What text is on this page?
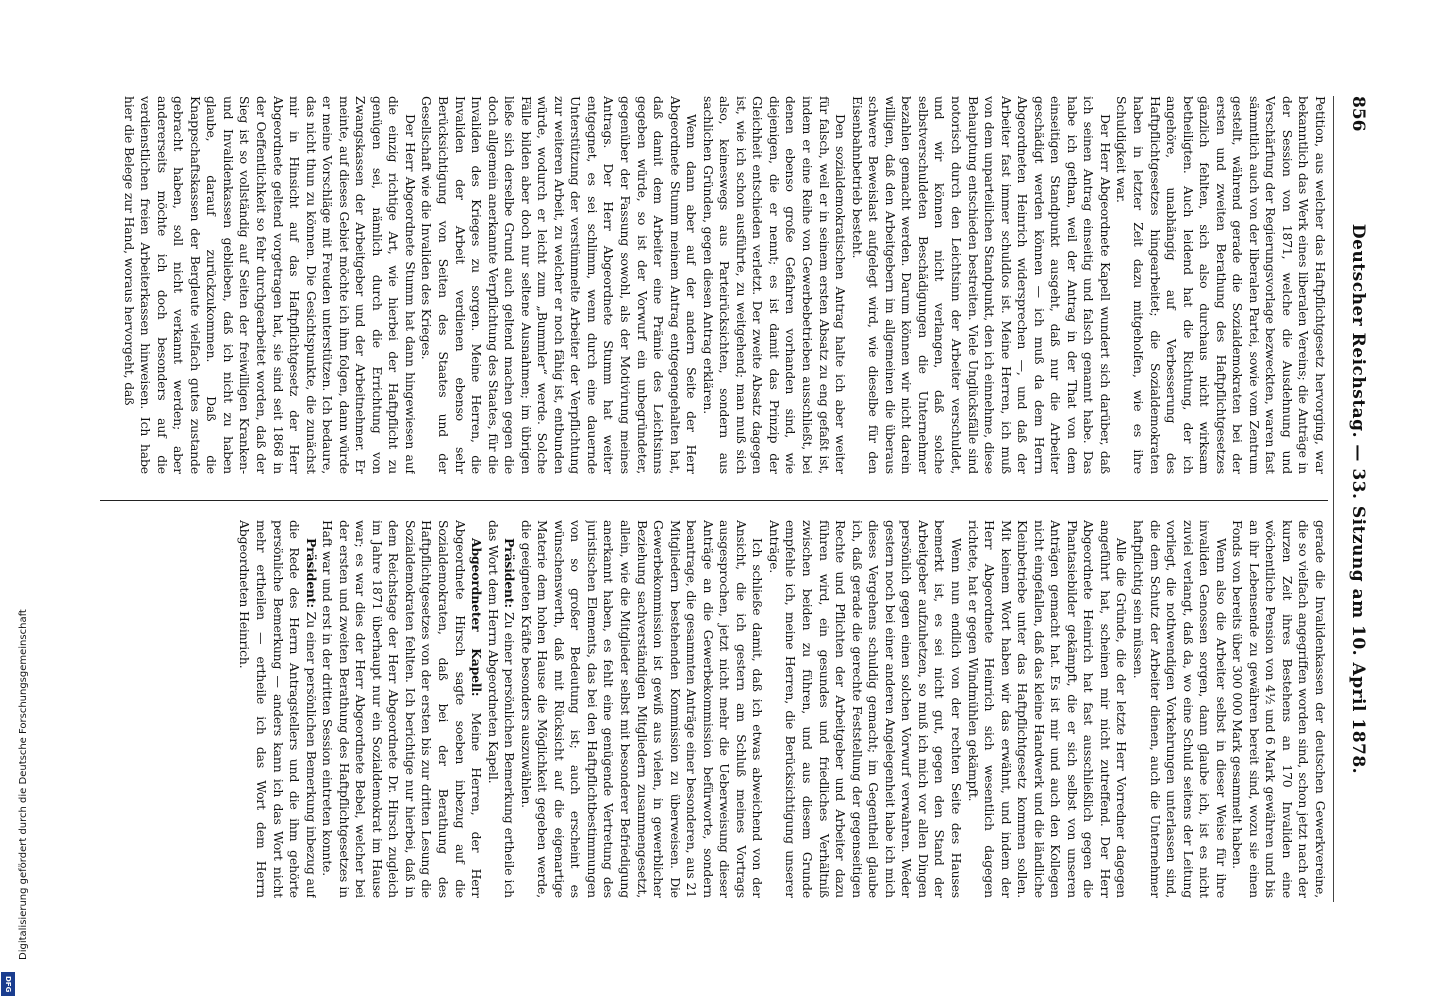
856
Deutscher Reichstag. — 33. Sitzung am 10. April 1878.

Petition, aus welcher das Haftpflichtgesetz hervorging, war bekanntlich das Werk eines liberalen Vereins; die Anträge in der Session von 1871, welche die Ausdehnung und Verschärfung der Regierungsvorlage bezweckten, waren fast sämmtlich auch von der liberalen Partei, sowie vom Zentrum gestellt, während gerade die Sozialdemokraten bei der ersten und zweiten Berathung des Haftpflichtgesetzes gänzlich fehlten, sich also durchaus nicht wirksam betheiligten. Auch leidend hat die Richtung, der ich angehöre, unabhängig auf Verbesserung des Haftpflichtgesetzes hingearbeitet; die Sozialdemokraten haben in letzter Zeit dazu mitgeholfen, wie es ihre Schuldigkeit war.

Der Herr Abgeordnete Kapell wundert sich darüber, daß ich seinen Antrag einseitig und falsch genannt habe. Das habe ich gethan, weil der Antrag in der That von dem einseitigen Standpunkt ausgeht, daß nur die Arbeiter geschädigt werden können — ich muß da dem Herrn Abgeordneten Heinrich widersprechen —, und daß der Arbeiter fast immer schuldlos ist. Meine Herren, ich muß von dem unparteilichen Standpunkt, den ich einnehme, diese Behauptung entschieden bestreiten. Viele Unglücksfälle sind notorisch durch den Leichtsinn der Arbeiter verschuldet, und wir können nicht verlangen, daß solche selbstverschuldeten Beschädigungen die Unternehmer bezahlen gemacht werden. Darum können wir nicht darein willigen, daß den Arbeitgebern im allgemeinen die überaus schwere Beweislast aufgelegt wird, wie dieselbe für den Eisenbahnbetrieb besteht.

Den sozialdemokratischen Antrag halte ich aber weiter für falsch, weil er in seinem ersten Absatz zu eng gefaßt ist, indem er eine Reihe von Gewerbebetrieben ausschließt, bei denen ebenso große Gefahren vorhanden sind, wie diejenigen, die er nennt; es ist damit das Prinzip der Gleichheit entschieden verletzt. Der zweite Absatz dagegen ist, wie ich schon ausführte, zu weitgehend; man muß sich also, keineswegs aus Parteirücksichten, sondern aus sachlichen Gründen, gegen diesen Antrag erklären.

Wenn dann aber auf der andern Seite der Herr Abgeordnete Stumm meinem Antrag entgegengehalten hat, daß damit dem Arbeiter eine Prämie des Leichtsinns gegeben würde, so ist der Vorwurf ein unbegründeter, gegenüber der Fassung sowohl, als der Motivirung meines Antrags. Der Herr Abgeordnete Stumm hat weiter entgegnet, es sei schlimm, wenn durch eine dauernde Unterstützung der verstümmelte Arbeiter der Verpflichtung zur weiteren Arbeit, zu welcher er noch fähig ist, entbunden würde, wodurch er leicht zum „Bummler“ werde. Solche Fälle bilden aber doch nur seltene Ausnahmen; im übrigen ließe sich derselbe Grund auch geltend machen gegen die doch allgemein anerkannte Verpflichtung des Staates, für die Invaliden des Krieges zu sorgen. Meine Herren, die Invaliden der Arbeit verdienen ebenso sehr Berücksichtigung von Seiten des Staates und der Gesellschaft wie die Invaliden des Krieges.

Der Herr Abgeordnete Stumm hat dann hingewiesen auf die einzig richtige Art, wie hierbei der Haftpflicht zu genügen sei, nämlich durch die Errichtung von Zwangskassen der Arbeitgeber und der Arbeitnehmer. Er meinte, auf dieses Gebiet möchte ich ihm folgen, dann würde er meine Vorschläge mit Freuden unterstützen. Ich bedaure, das nicht thun zu können. Die Gesichtspunkte, die zunächst mir in Hinsicht auf das Haftpflichtgesetz der Herr Abgeordnete geltend vorgetragen hat, sie sind seit 1868 in der Oeffentlichkeit so fehr durchgearbeitet worden, daß der Sieg ist so vollständig auf Seiten der freiwilligen Kranken- und Invalidenkassen geblieben, daß ich nicht zu haben glaube, darauf zurückzukommen. Daß die Knappschaftskassen der Bergleute vielfach gutes zustande gebracht haben, soll nicht verkannt werden; aber andererseits möchte ich doch besonders auf die verdienstlichen freien Arbeiterkassen hinweisen. Ich habe hier die Belege zur Hand, woraus hervorgeht, daß

gerade die Invalidenkassen der deutschen Gewerkvereine, die so vielfach angegriffen worden sind, schon jetzt nach der kurzen Zeit ihres Bestehens an 170 Invaliden eine wöchentliche Pension von 4½ und 6 Mark gewähren und bis an ihr Lebensende zu gewähren bereit sind, wozu sie einen Fonds von bereits über 300 000 Mark gesammelt haben.

Wenn also die Arbeiter selbst in dieser Weise für ihre invaliden Genossen sorgen, dann glaube ich, ist es nicht zuviel verlangt, daß da, wo eine Schuld seitens der Leitung vorliegt, die nothwendigen Vorkehrungen unterlassen sind, die dem Schutz der Arbeiter dienen, auch die Unternehmer haftpflichtig sein müssen.

Alle die Gründe, die der letzte Herr Vorredner dagegen angeführt hat, scheinen mir nicht zutreffend. Der Herr Abgeordnete Heinrich hat fast ausschließlich gegen die Phantasiebilder gekämpft, die er sich selbst von unseren Anträgen gemacht hat. Es ist mir und auch den Kollegen nicht eingefallen, daß das kleine Handwerk und die ländliche Kleinbetriebe unter das Haftpflichtgesetz kommen sollen. Mit keinem Wort haben wir das erwähnt, und indem der Herr Abgeordnete Heinrich sich wesentlich dagegen richtete, hat er gegen Windmühlen gekämpft.

Wenn nun endlich von der rechten Seite des Hauses bemerkt ist, es sei nicht gut, gegen den Stand der Arbeitgeber aufzuhetzen, so muß ich mich vor allen Dingen persönlich gegen einen solchen Vorwurf verwahren. Weder gestern noch bei einer anderen Angelegenheit habe ich mich dieses Vergehens schuldig gemacht; im Gegentheil glaube ich, daß gerade die gerechte Feststellung der gegenseitigen Rechte und Pflichten der Arbeitgeber und Arbeiter dazu führen wird, ein gesundes und friedliches Verhältniß zwischen beiden zu führen, und aus diesem Grunde empfehle ich, meine Herren, die Berücksichtigung unserer Anträge.

Ich schließe damit, daß ich etwas abweichend von der Ansicht, die ich gestern am Schluß meines Vortrags ausgesprochen, jetzt nicht mehr die Ueberweisung dieser Anträge an die Gewerbekommission befürworte, sondern beantrage, die gesammten Anträge einer besonderen, aus 21 Mitgliedern bestehenden Kommission zu überweisen. Die Gewerbekommission ist gewiß aus vielen, in gewerblicher Beziehung sachverständigen Mitgliedern zusammengesetzt, allein, wie die Mitglieder selbst mit besonderer Befriedigung anerkannt haben, es fehlt eine genügende Vertretung des juristischen Elements, das bei den Haftpflichtbestimmungen von so großer Bedeutung ist; auch erscheint es wünschenswerth, daß mit Rücksicht auf die eigenartige Materie dem hohen Hause die Möglichkeit gegeben werde, die geeigneten Kräfte besonders auszuwählen.

Präsident: Zu einer persönlichen Bemerkung ertheile ich das Wort dem Herrn Abgeordneten Kapell.

Abgeordneter Kapell: Meine Herren, der Herr Abgeordnete Hirsch sagte soeben inbezug auf die Sozialdemokraten, daß bei der Berathung des Haftpflichtgesetzes von der ersten bis zur dritten Lesung die Sozialdemokraten fehlten. Ich berichtige nur hierbei, daß in dem Reichstage der Herr Abgeordnete Dr. Hirsch zugleich im Jahre 1871 überhaupt nur ein Sozialdemokrat im Hause war; es war dies der Herr Abgeordnete Bebel, welcher bei der ersten und zweiten Berathung des Haftpflichtgesetzes in Haft war und erst in der dritten Session eintreten konnte.

Präsident: Zu einer persönlichen Bemerkung inbezug auf die Rede des Herrn Antragstellers und die ihm gehörte persönliche Bemerkung — anders kann ich das Wort nicht mehr ertheilen — ertheile ich das Wort dem Herrn Abgeordneten Heinrich.

Digitalisierung gefördert durch die Deutsche Forschungsgemeinschaft
DFG
